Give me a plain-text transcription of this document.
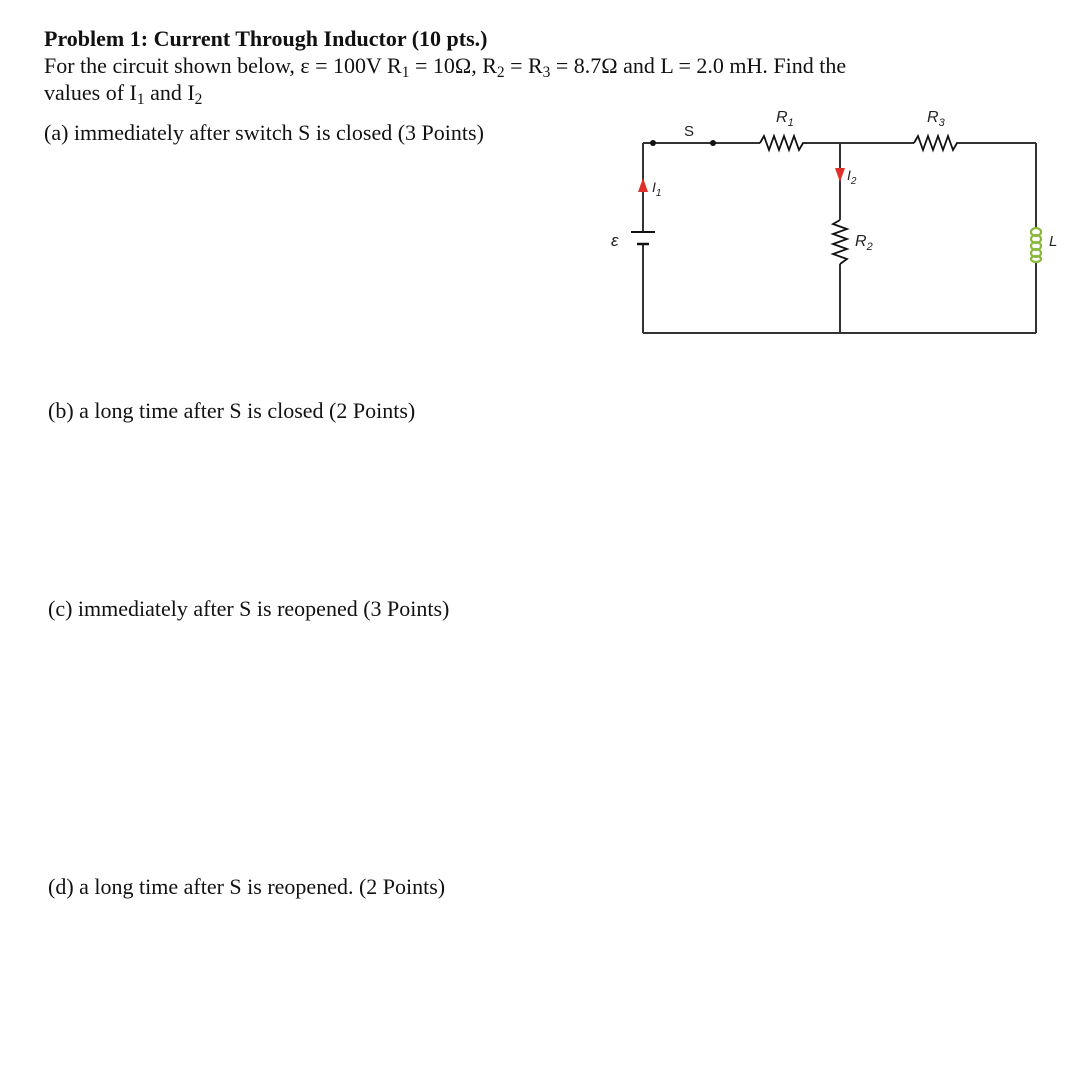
Problem 1: Current Through Inductor (10 pts.)
For the circuit shown below, ε = 100V $R_1 = 10\Omega$, $R_2 = R_3 = 8.7\Omega$ and L = 2.0 mH. Find the
values of $I_1$ and $I_2$
(a) immediately after switch S is closed (3 Points)
(b) a long time after S is closed (2 Points)
(c) immediately after S is reopened (3 Points)
(d) a long time after S is reopened. (2 Points)
S
$R_1$	$R_3$
$R_2$	L
ε
$I_1$
$I_2$
